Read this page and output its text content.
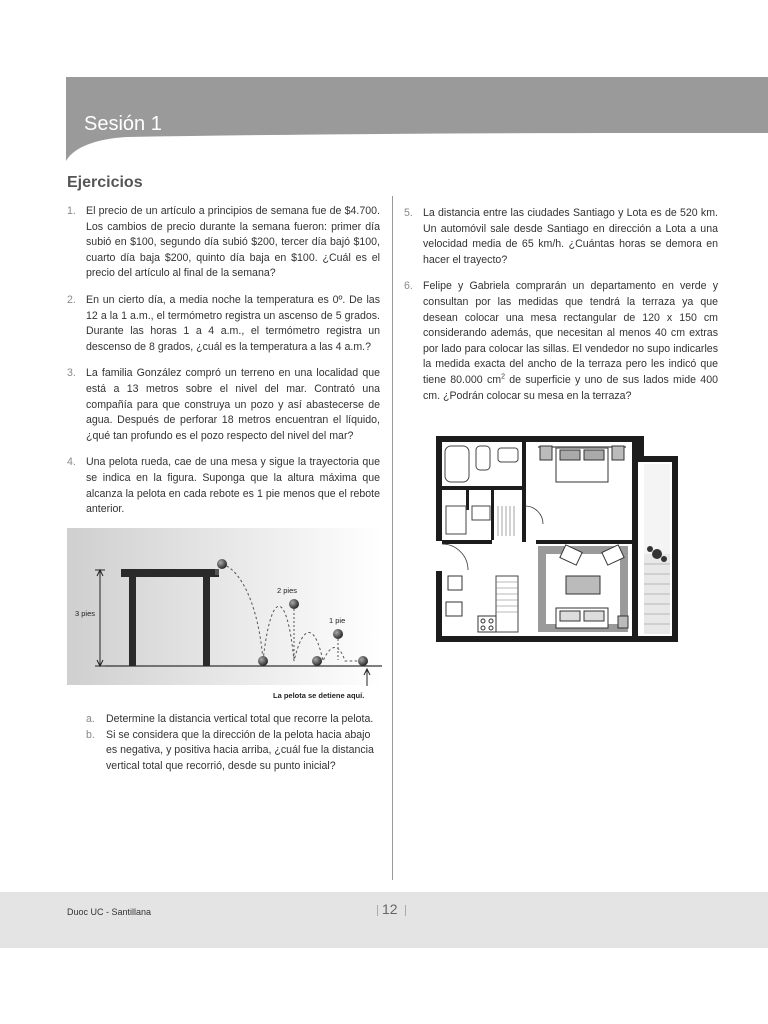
Sesión 1
Ejercicios
1. El precio de un artículo a principios de semana fue de $4.700. Los cambios de precio durante la semana fueron: primer día subió en $100, segundo día subió $200, tercer día bajó $100, cuarto día baja $200, quinto día baja en $100. ¿Cuál es el precio del artículo al final de la semana?
2. En un cierto día, a media noche la temperatura es 0º. De las 12 a la 1 a.m., el termómetro registra un ascenso de 5 grados. Durante las horas 1 a 4 a.m., el termómetro registra un descenso de 8 grados, ¿cuál es la temperatura a las 4 a.m.?
3. La familia González compró un terreno en una localidad que está a 13 metros sobre el nivel del mar. Contrató una compañía para que construya un pozo y así abastecerse de agua. Después de perforar 18 metros encuentran el líquido, ¿qué tan profundo es el pozo respecto del nivel del mar?
4. Una pelota rueda, cae de una mesa y sigue la trayectoria que se indica en la figura. Suponga que la altura máxima que alcanza la pelota en cada rebote es 1 pie menos que el rebote anterior.
3 pies
2 pies
1 pie
La pelota se detiene aquí.
a. Determine la distancia vertical total que recorre la pelota.
b. Si se considera que la dirección de la pelota hacia abajo es negativa, y positiva hacia arriba, ¿cuál fue la distancia vertical total que recorrió, desde su punto inicial?
5. La distancia entre las ciudades Santiago y Lota es de 520 km. Un automóvil sale desde Santiago en dirección a Lota a una velocidad media de 65 km/h. ¿Cuántas horas se demora en hacer el trayecto?
6. Felipe y Gabriela comprarán un departamento en verde y consultan por las medidas que tendrá la terraza ya que desean colocar una mesa rectangular de 120 x 150 cm considerando además, que necesitan al menos 40 cm extras por lado para colocar las sillas. El vendedor no supo indicarles la medida exacta del ancho de la terraza pero les indicó que tiene 80.000 $cm^2$ de superficie y uno de sus lados mide 400 cm. ¿Podrán colocar su mesa en la terraza?
Duoc UC - Santillana	12
